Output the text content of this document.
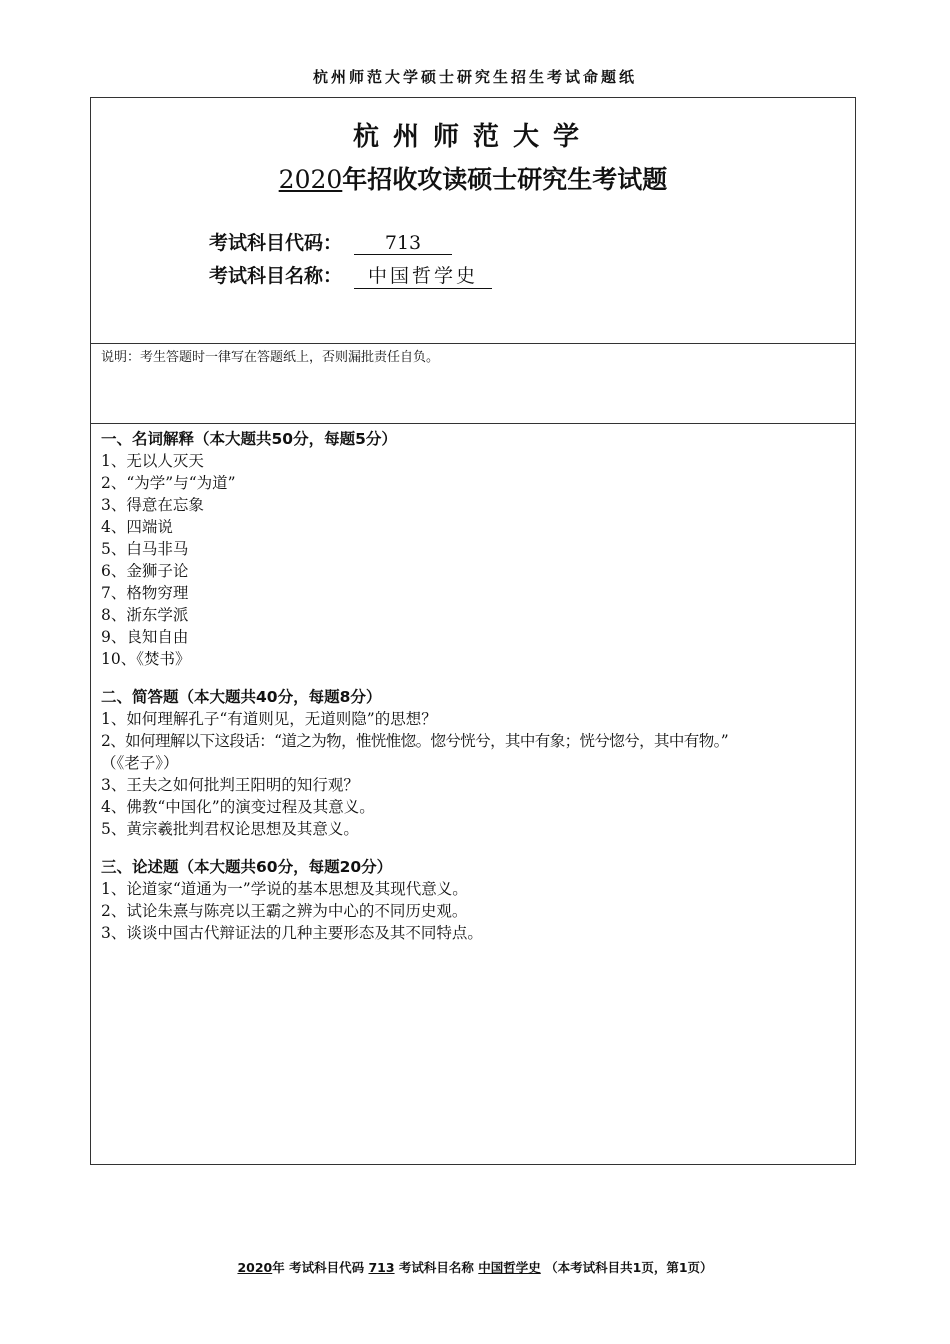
杭州师范大学硕士研究生招生考试命题纸
杭州师范大学
2020年招收攻读硕士研究生考试题
考试科目代码： 713
考试科目名称： 中国哲学史
说明：考生答题时一律写在答题纸上，否则漏批责任自负。
一、名词解释（本大题共50分，每题5分）

1、无以人灭天

2、“为学”与“为道”

3、得意在忘象

4、四端说

5、白马非马

6、金狮子论

7、格物穷理

8、浙东学派

9、良知自由

10、《焚书》

二、简答题（本大题共40分，每题8分）

1、如何理解孔子“有道则见，无道则隐”的思想？

2、如何理解以下这段话：“道之为物，惟恍惟惚。惚兮恍兮，其中有象；恍兮惚兮，其中有物。”

（《老子》）

3、王夫之如何批判王阳明的知行观？

4、佛教“中国化”的演变过程及其意义。

5、黄宗羲批判君权论思想及其意义。

三、论述题（本大题共60分，每题20分）

1、论道家“道通为一”学说的基本思想及其现代意义。

2、试论朱熹与陈亮以王霸之辨为中心的不同历史观。

3、谈谈中国古代辩证法的几种主要形态及其不同特点。

2020年 考试科目代码 713 考试科目名称 中国哲学史 （本考试科目共1页，第1页）
